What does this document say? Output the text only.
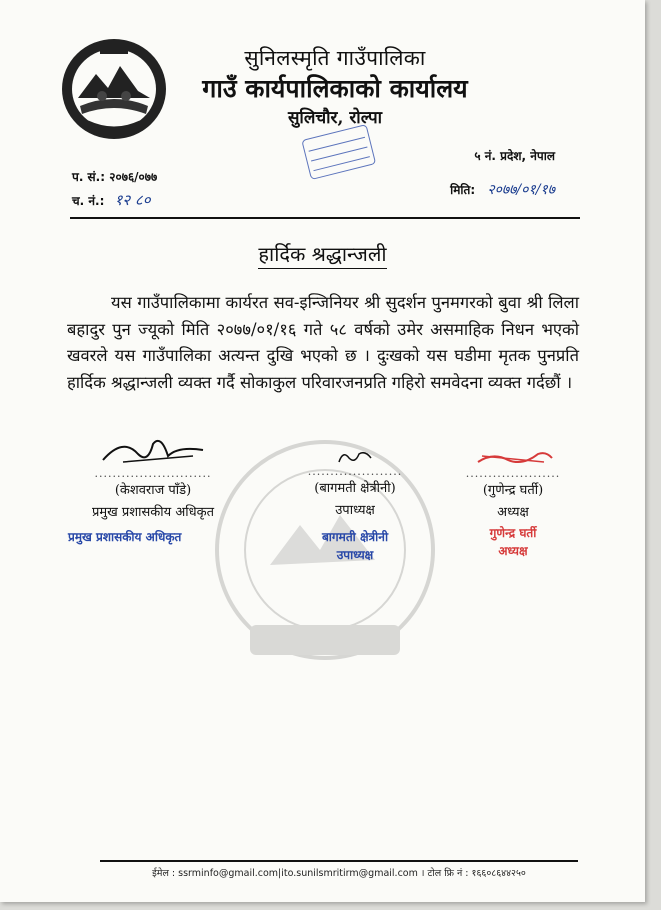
सुनिलस्मृति गाउँपालिका
गाउँ कार्यपालिकाको कार्यालय
सुलिचौर, रोल्पा
प. सं.: २०७६/०७७
च. नं.: १२ ८०
५ नं. प्रदेश, नेपाल
मिति: २०७७/०१/१७
हार्दिक श्रद्धान्जली
यस गाउँपालिकामा कार्यरत सव-इन्जिनियर श्री सुदर्शन पुनमगरको बुवा श्री लिला बहादुर पुन ज्यूको मिति २०७७/०१/१६ गते ५८ वर्षको उमेर असमाहिक निधन भएको खवरले यस गाउँपालिका अत्यन्त दुखि भएको छ । दुःखको यस घडीमा मृतक पुनप्रति हार्दिक श्रद्धान्जली व्यक्त गर्दै सोकाकुल परिवारजनप्रति गहिरो समवेदना व्यक्त गर्दछौं ।
..........................
(केशवराज पाँडे)
प्रमुख प्रशासकीय अधिकृत
प्रमुख प्रशासकीय अधिकृत
.....................
(बागमती क्षेत्रीनी)
उपाध्यक्ष
बागमती क्षेत्रीनी
उपाध्यक्ष
.....................
(गुणेन्द्र घर्ती)
अध्यक्ष
गुणेन्द्र घर्ती
अध्यक्ष
ईमेल : ssrminfo@gmail.com|ito.sunilsmritirm@gmail.com । टोल फ्रि नं : १६६०८६४४२५०
